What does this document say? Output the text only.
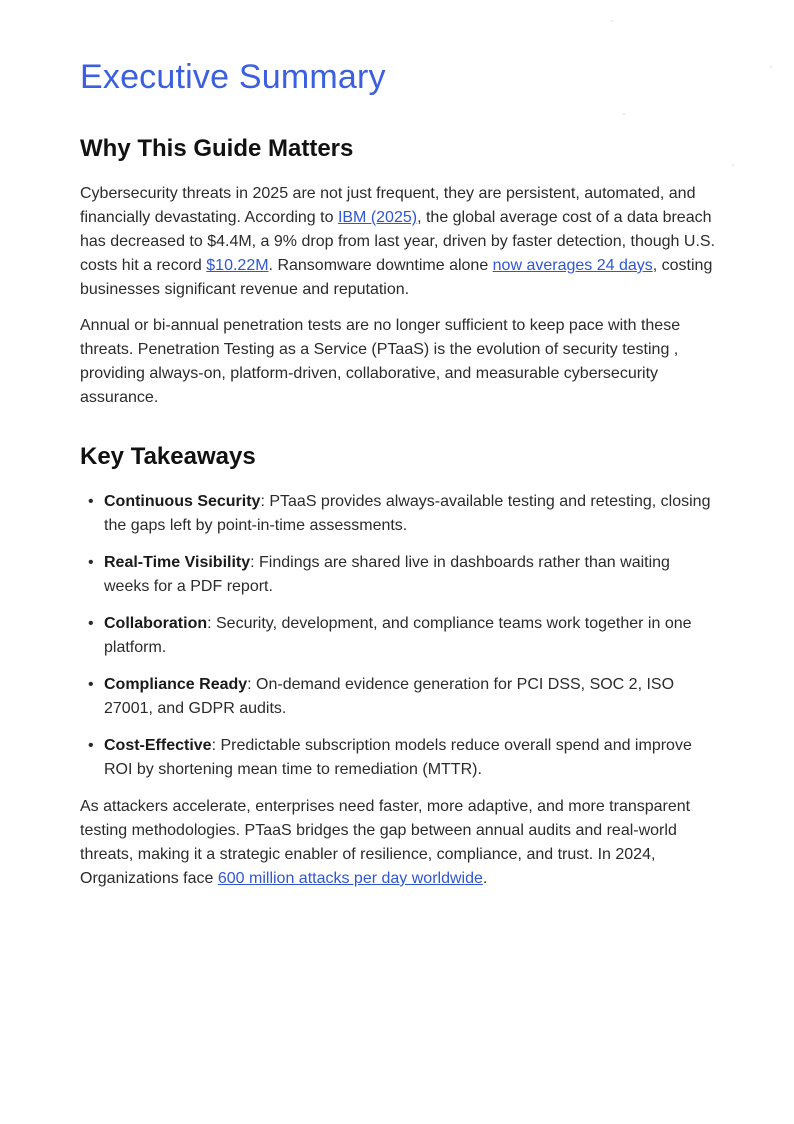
Executive Summary
Why This Guide Matters

Cybersecurity threats in 2025 are not just frequent, they are persistent, automated, and financially devastating. According to IBM (2025), the global average cost of a data breach has decreased to $4.4M, a 9% drop from last year, driven by faster detection, though U.S. costs hit a record $10.22M. Ransomware downtime alone now averages 24 days, costing businesses significant revenue and reputation.

Annual or bi-annual penetration tests are no longer sufficient to keep pace with these threats. Penetration Testing as a Service (PTaaS) is the evolution of security testing , providing always-on, platform-driven, collaborative, and measurable cybersecurity assurance.

Key Takeaways
• Continuous Security: PTaaS provides always-available testing and retesting, closing the gaps left by point-in-time assessments.
• Real-Time Visibility: Findings are shared live in dashboards rather than waiting weeks for a PDF report.
• Collaboration: Security, development, and compliance teams work together in one platform.
• Compliance Ready: On-demand evidence generation for PCI DSS, SOC 2, ISO 27001, and GDPR audits.
• Cost-Effective: Predictable subscription models reduce overall spend and improve ROI by shortening mean time to remediation (MTTR).

As attackers accelerate, enterprises need faster, more adaptive, and more transparent testing methodologies. PTaaS bridges the gap between annual audits and real-world threats, making it a strategic enabler of resilience, compliance, and trust. In 2024, Organizations face 600 million attacks per day worldwide.
